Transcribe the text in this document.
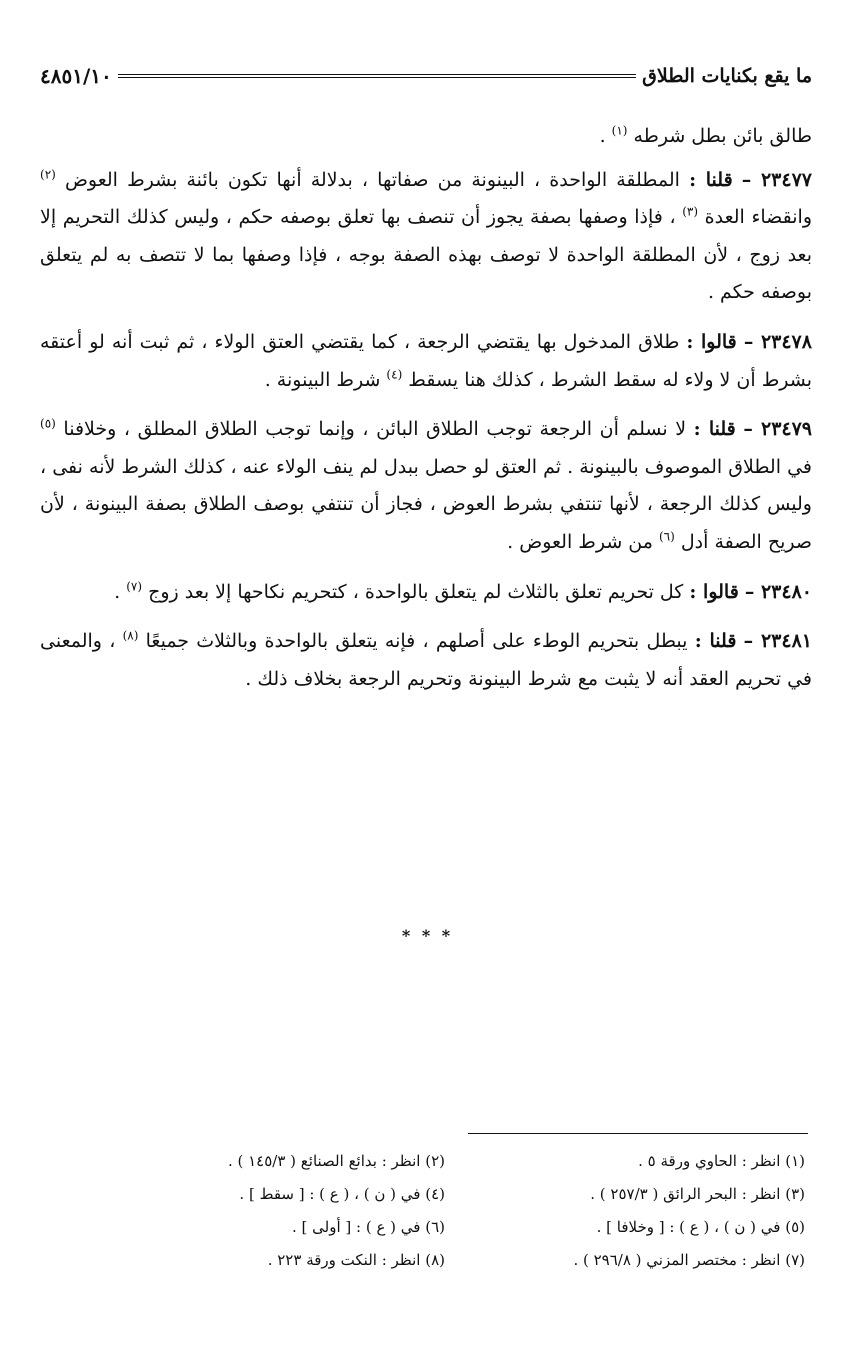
ما يقع بكنايات الطلاق
٤٨٥١/١٠

طالق بائن بطل شرطه $^{(١)}$ .

٢٣٤٧٧ – قلنا : المطلقة الواحدة ، البينونة من صفاتها ، بدلالة أنها تكون بائنة بشرط العوض $^{(٢)}$ وانقضاء العدة $^{(٣)}$ ، فإذا وصفها بصفة يجوز أن تنصف بها تعلق بوصفه حكم ، وليس كذلك التحريم إلا بعد زوج ، لأن المطلقة الواحدة لا توصف بهذه الصفة بوجه ، فإذا وصفها بما لا تتصف به لم يتعلق بوصفه حكم .

٢٣٤٧٨ – قالوا : طلاق المدخول بها يقتضي الرجعة ، كما يقتضي العتق الولاء ، ثم ثبت أنه لو أعتقه بشرط أن لا ولاء له سقط الشرط ، كذلك هنا يسقط $^{(٤)}$ شرط البينونة .

٢٣٤٧٩ – قلنا : لا نسلم أن الرجعة توجب الطلاق البائن ، وإنما توجب الطلاق المطلق ، وخلافنا $^{(٥)}$ في الطلاق الموصوف بالبينونة . ثم العتق لو حصل ببدل لم ينف الولاء عنه ، كذلك الشرط لأنه نفى ، وليس كذلك الرجعة ، لأنها تنتفي بشرط العوض ، فجاز أن تنتفي بوصف الطلاق بصفة البينونة ، لأن صريح الصفة أدل $^{(٦)}$ من شرط العوض .

٢٣٤٨٠ – قالوا : كل تحريم تعلق بالثلاث لم يتعلق بالواحدة ، كتحريم نكاحها إلا بعد زوج $^{(٧)}$ .

٢٣٤٨١ – قلنا : يبطل بتحريم الوطء على أصلهم ، فإنه يتعلق بالواحدة وبالثلاث جميعًا $^{(٨)}$ ، والمعنى في تحريم العقد أنه لا يثبت مع شرط البينونة وتحريم الرجعة بخلاف ذلك .

* * *
(١) انظر : الحاوي ورقة ٥ .
(٢) انظر : بدائع الصنائع ( ١٤٥/٣ ) .
(٣) انظر : البحر الرائق ( ٢٥٧/٣ ) .
(٤) في ( ن ) ، ( ع ) : [ سقط ] .
(٥) في ( ن ) ، ( ع ) : [ وخلافا ] .
(٦) في ( ع ) : [ أولى ] .
(٧) انظر : مختصر المزني ( ٢٩٦/٨ ) .
(٨) انظر : النكت ورقة ٢٢٣ .
